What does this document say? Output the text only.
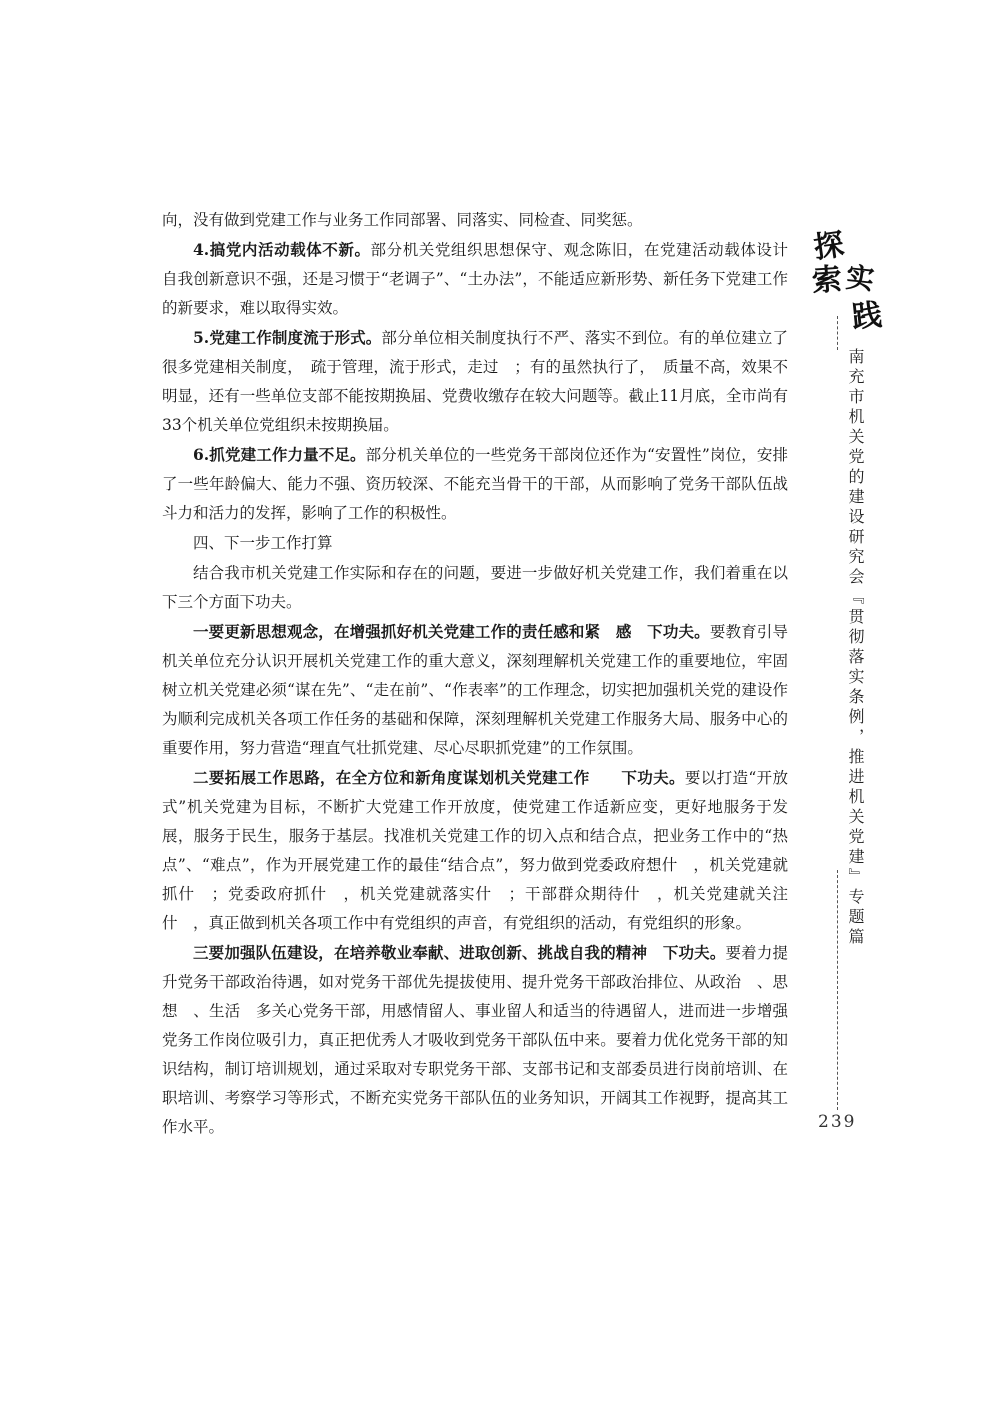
向，没有做到党建工作与业务工作同部署、同落实、同检查、同奖惩。

4.搞党内活动载体不新。部分机关党组织思想保守、观念陈旧，在党建活动载体设计　自我创新意识不强，还是习惯于“老调子”、“土办法”，不能适应新形势、新任务下党建工作的新要求，难以取得实效。

5.党建工作制度流于形式。部分单位相关制度执行不严、落实不到位。有的单位建立了很多党建相关制度，　疏于管理，流于形式，走过　；有的虽然执行了，　质量不高，效果不明显，还有一些单位支部不能按期换届、党费收缴存在较大问题等。截止11月底，全市尚有33个机关单位党组织未按期换届。

6.抓党建工作力量不足。部分机关单位的一些党务干部岗位还作为“安置性”岗位，安排了一些年龄偏大、能力不强、资历较深、不能充当骨干的干部，从而影响了党务干部队伍战斗力和活力的发挥，影响了工作的积极性。

四、下一步工作打算

结合我市机关党建工作实际和存在的问题，要进一步做好机关党建工作，我们着重在以下三个方面下功夫。

一要更新思想观念，在增强抓好机关党建工作的责任感和紧　感　下功夫。要教育引导机关单位充分认识开展机关党建工作的重大意义，深刻理解机关党建工作的重要地位，牢固树立机关党建必须“谋在先”、“走在前”、“作表率”的工作理念，切实把加强机关党的建设作为顺利完成机关各项工作任务的基础和保障，深刻理解机关党建工作服务大局、服务中心的重要作用，努力营造“理直气壮抓党建、尽心尽职抓党建”的工作氛围。

二要拓展工作思路，在全方位和新角度谋划机关党建工作　　下功夫。要以打造“开放式”机关党建为目标，不断扩大党建工作开放度，使党建工作适新应变，更好地服务于发展，服务于民生，服务于基层。找准机关党建工作的切入点和结合点，把业务工作中的“热点”、“难点”，作为开展党建工作的最佳“结合点”，努力做到党委政府想什　，机关党建就抓什　；党委政府抓什　，机关党建就落实什　；干部群众期待什　，机关党建就关注什　，真正做到机关各项工作中有党组织的声音，有党组织的活动，有党组织的形象。

三要加强队伍建设，在培养敬业奉献、进取创新、挑战自我的精神　下功夫。要着力提升党务干部政治待遇，如对党务干部优先提拔使用、提升党务干部政治排位、从政治　、思想　、生活　多关心党务干部，用感情留人、事业留人和适当的待遇留人，进而进一步增强党务工作岗位吸引力，真正把优秀人才吸收到党务干部队伍中来。要着力优化党务干部的知识结构，制订培训规划，通过采取对专职党务干部、支部书记和支部委员进行岗前培训、在职培训、考察学习等形式，不断充实党务干部队伍的业务知识，开阔其工作视野，提高其工作水平。

探
索 实
践
南充市机关党的建设研究会『贯彻落实条例，推进机关党建』专题篇
239
